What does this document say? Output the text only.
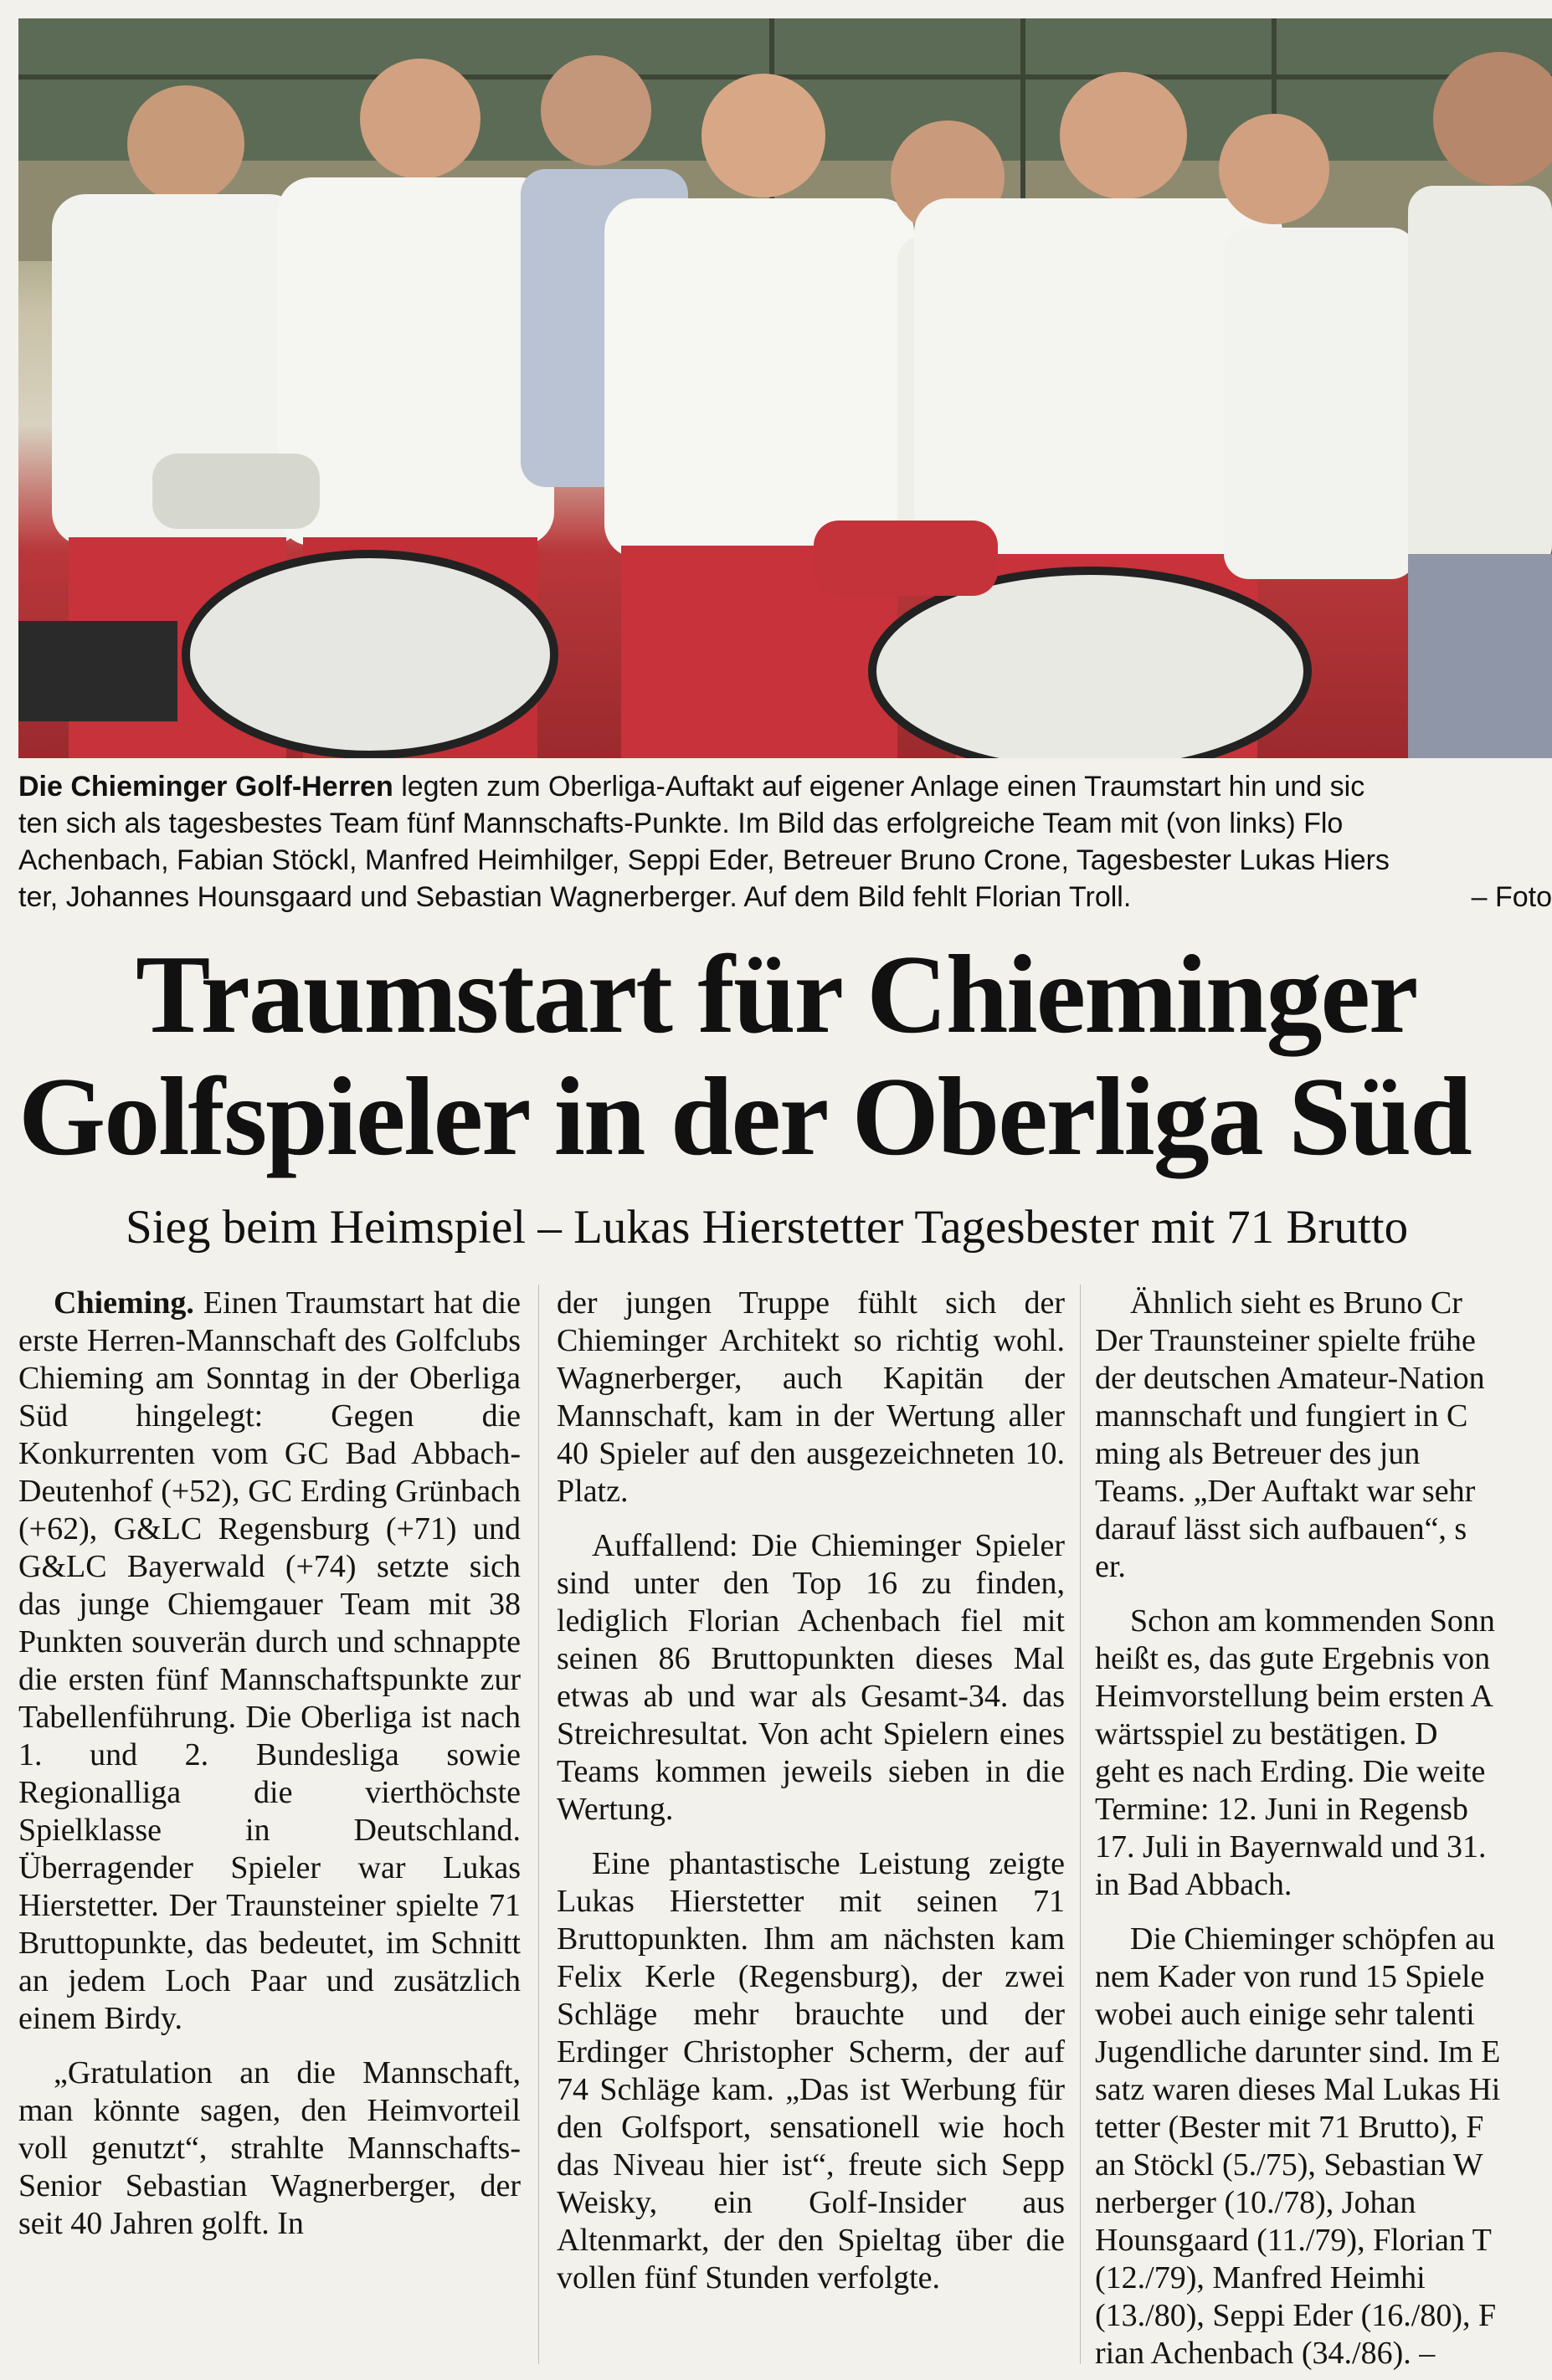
Die Chieminger Golf-Herren legten zum Oberliga-Auftakt auf eigener Anlage einen Traumstart hin und sic
ten sich als tagesbestes Team fünf Mannschafts-Punkte. Im Bild das erfolgreiche Team mit (von links) Flo
Achenbach, Fabian Stöckl, Manfred Heimhilger, Seppi Eder, Betreuer Bruno Crone, Tagesbester Lukas Hiers
ter, Johannes Hounsgaard und Sebastian Wagnerberger. Auf dem Bild fehlt Florian Troll.	– Foto
Traumstart für Chieminger
Golfspieler in der Oberliga Süd
Sieg beim Heimspiel – Lukas Hierstetter Tagesbester mit 71 Brutto

Chieming. Einen Traumstart hat die erste Herren-Mannschaft des Golfclubs Chieming am Sonntag in der Oberliga Süd hingelegt: Gegen die Konkurrenten vom GC Bad Abbach-Deutenhof (+52), GC Erding Grünbach (+62), G&LC Regensburg (+71) und G&LC Bayerwald (+74) setzte sich das junge Chiemgauer Team mit 38 Punkten souverän durch und schnappte die ersten fünf Mannschaftspunkte zur Tabellenführung. Die Oberliga ist nach 1. und 2. Bundesliga sowie Regionalliga die vierthöchste Spielklasse in Deutschland. Überragender Spieler war Lukas Hierstetter. Der Traunsteiner spielte 71 Bruttopunkte, das bedeutet, im Schnitt an jedem Loch Paar und zusätzlich einem Birdy.

„Gratulation an die Mannschaft, man könnte sagen, den Heimvorteil voll genutzt“, strahlte Mannschafts-Senior Sebastian Wagnerberger, der seit 40 Jahren golft. In

der jungen Truppe fühlt sich der Chieminger Architekt so richtig wohl. Wagnerberger, auch Kapitän der Mannschaft, kam in der Wertung aller 40 Spieler auf den ausgezeichneten 10. Platz.

Auffallend: Die Chieminger Spieler sind unter den Top 16 zu finden, lediglich Florian Achenbach fiel mit seinen 86 Bruttopunkten dieses Mal etwas ab und war als Gesamt-34. das Streichresultat. Von acht Spielern eines Teams kommen jeweils sieben in die Wertung.

Eine phantastische Leistung zeigte Lukas Hierstetter mit seinen 71 Bruttopunkten. Ihm am nächsten kam Felix Kerle (Regensburg), der zwei Schläge mehr brauchte und der Erdinger Christopher Scherm, der auf 74 Schläge kam. „Das ist Werbung für den Golfsport, sensationell wie hoch das Niveau hier ist“, freute sich Sepp Weisky, ein Golf-Insider aus Altenmarkt, der den Spieltag über die vollen fünf Stunden verfolgte.

Ähnlich sieht es Bruno Cr
Der Traunsteiner spielte frühe
der deutschen Amateur-Nation
mannschaft und fungiert in C
ming als Betreuer des jun
Teams. „Der Auftakt war sehr
darauf lässt sich aufbauen“, s
er.

Schon am kommenden Sonn
heißt es, das gute Ergebnis von
Heimvorstellung beim ersten A
wärtsspiel zu bestätigen. D
geht es nach Erding. Die weite
Termine: 12. Juni in Regensb
17. Juli in Bayernwald und 31.
in Bad Abbach.

Die Chieminger schöpfen au
nem Kader von rund 15 Spiele
wobei auch einige sehr talenti
Jugendliche darunter sind. Im E
satz waren dieses Mal Lukas Hi
tetter (Bester mit 71 Brutto), F
an Stöckl (5./75), Sebastian W
nerberger (10./78), Johan
Hounsgaard (11./79), Florian T
(12./79), Manfred Heimhi
(13./80), Seppi Eder (16./80), F
rian Achenbach (34./86). –
